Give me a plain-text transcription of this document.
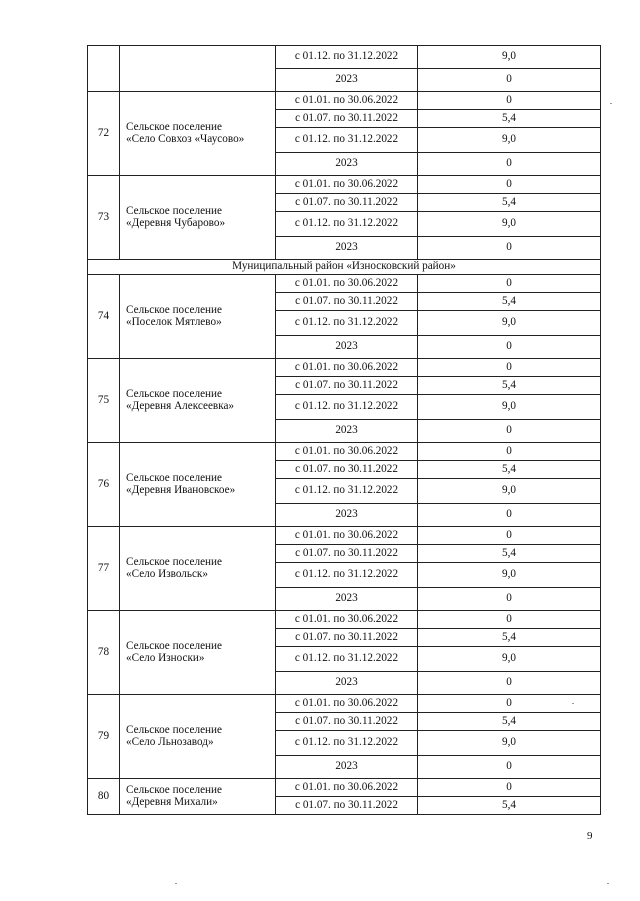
		с 01.12. по 31.12.2022	9,0
		2023	0
72	Сельское поселение
«Село Совхоз «Чаусово»	с 01.01. по 30.06.2022	0
		с 01.07. по 30.11.2022	5,4
		с 01.12. по 31.12.2022	9,0
		2023	0
73	Сельское поселение
«Деревня Чубарово»	с 01.01. по 30.06.2022	0
		с 01.07. по 30.11.2022	5,4
		с 01.12. по 31.12.2022	9,0
		2023	0
Муниципальный район «Износковский район»			
74	Сельское поселение
«Поселок Мятлево»	с 01.01. по 30.06.2022	0
		с 01.07. по 30.11.2022	5,4
		с 01.12. по 31.12.2022	9,0
		2023	0
75	Сельское поселение
«Деревня Алексеевка»	с 01.01. по 30.06.2022	0
		с 01.07. по 30.11.2022	5,4
		с 01.12. по 31.12.2022	9,0
		2023	0
76	Сельское поселение
«Деревня Ивановское»	с 01.01. по 30.06.2022	0
		с 01.07. по 30.11.2022	5,4
		с 01.12. по 31.12.2022	9,0
		2023	0
77	Сельское поселение
«Село Извольск»	с 01.01. по 30.06.2022	0
		с 01.07. по 30.11.2022	5,4
		с 01.12. по 31.12.2022	9,0
		2023	0
78	Сельское поселение
«Село Износки»	с 01.01. по 30.06.2022	0
		с 01.07. по 30.11.2022	5,4
		с 01.12. по 31.12.2022	9,0
		2023	0
79	Сельское поселение
«Село Льнозавод»	с 01.01. по 30.06.2022	0
		с 01.07. по 30.11.2022	5,4
		с 01.12. по 31.12.2022	9,0
		2023	0
80	Сельское поселение
«Деревня Михали»	с 01.01. по 30.06.2022	0
		с 01.07. по 30.11.2022	5,4
9
